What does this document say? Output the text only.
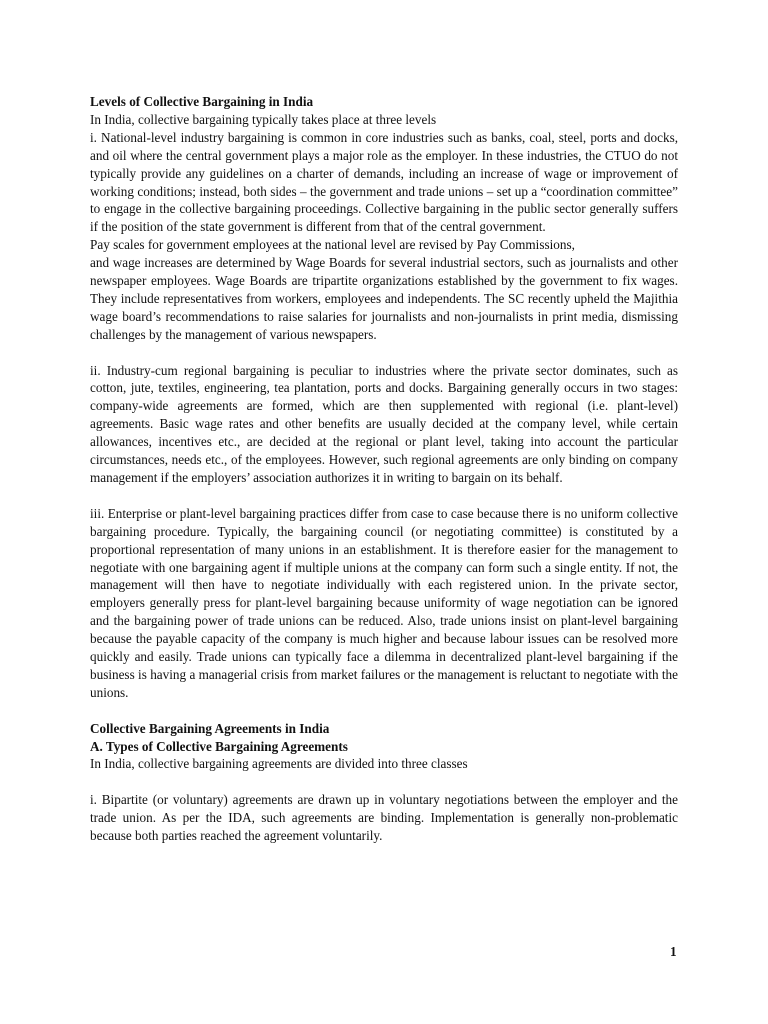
Levels of Collective Bargaining in India

In India, collective bargaining typically takes place at three levels

i. National-level industry bargaining is common in core industries such as banks, coal, steel, ports and docks, and oil where the central government plays a major role as the employer. In these industries, the CTUO do not typically provide any guidelines on a charter of demands, including an increase of wage or improvement of working conditions; instead, both sides – the government and trade unions – set up a “coordination committee” to engage in the collective bargaining proceedings. Collective bargaining in the public sector generally suffers if the position of the state government is different from that of the central government.

Pay scales for government employees at the national level are revised by Pay Commissions,

and wage increases are determined by Wage Boards for several industrial sectors, such as journalists and other newspaper employees. Wage Boards are tripartite organizations established by the government to fix wages. They include representatives from workers, employees and independents. The SC recently upheld the Majithia wage board’s recommendations to raise salaries for journalists and non-journalists in print media, dismissing challenges by the management of various newspapers.

ii. Industry-cum regional bargaining is peculiar to industries where the private sector dominates, such as cotton, jute, textiles, engineering, tea plantation, ports and docks. Bargaining generally occurs in two stages: company-wide agreements are formed, which are then supplemented with regional (i.e. plant-level) agreements. Basic wage rates and other benefits are usually decided at the company level, while certain allowances, incentives etc., are decided at the regional or plant level, taking into account the particular circumstances, needs etc., of the employees. However, such regional agreements are only binding on company management if the employers’ association authorizes it in writing to bargain on its behalf.

iii. Enterprise or plant-level bargaining practices differ from case to case because there is no uniform collective bargaining procedure. Typically, the bargaining council (or negotiating committee) is constituted by a proportional representation of many unions in an establishment. It is therefore easier for the management to negotiate with one bargaining agent if multiple unions at the company can form such a single entity. If not, the management will then have to negotiate individually with each registered union. In the private sector, employers generally press for plant-level bargaining because uniformity of wage negotiation can be ignored and the bargaining power of trade unions can be reduced. Also, trade unions insist on plant-level bargaining because the payable capacity of the company is much higher and because labour issues can be resolved more quickly and easily. Trade unions can typically face a dilemma in decentralized plant-level bargaining if the business is having a managerial crisis from market failures or the management is reluctant to negotiate with the unions.

Collective Bargaining Agreements in India

A. Types of Collective Bargaining Agreements

In India, collective bargaining agreements are divided into three classes

i. Bipartite (or voluntary) agreements are drawn up in voluntary negotiations between the employer and the trade union. As per the IDA, such agreements are binding. Implementation is generally non-problematic because both parties reached the agreement voluntarily.

1
